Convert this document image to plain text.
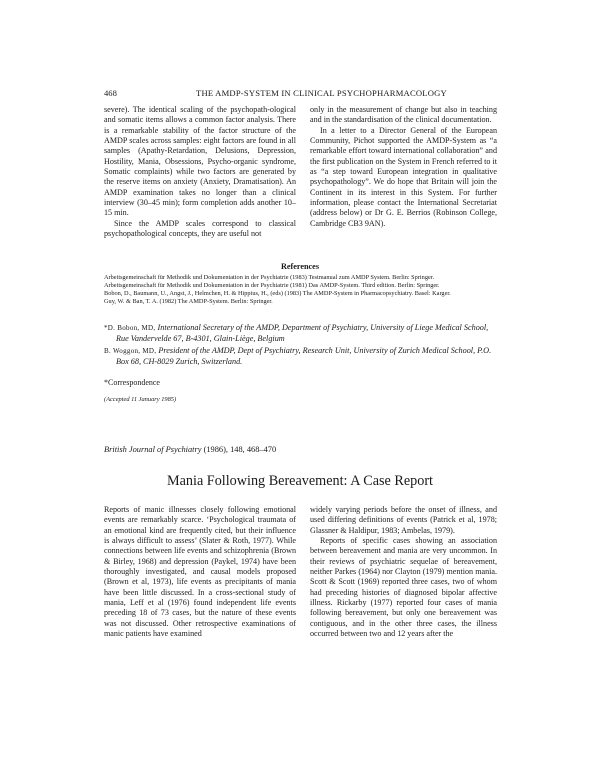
468	THE AMDP-SYSTEM IN CLINICAL PSYCHOPHARMACOLOGY

severe). The identical scaling of the psychopath-ological and somatic items allows a common factor analysis. There is a remarkable stability of the factor structure of the AMDP scales across samples: eight factors are found in all samples (Apathy-Retardation, Delusions, Depression, Hostility, Mania, Obsessions, Psycho-organic syndrome, Somatic complaints) while two factors are generated by the reserve items on anxiety (Anxiety, Dramatisation). An AMDP examination takes no longer than a clinical interview (30–45 min); form completion adds another 10–15 min.

Since the AMDP scales correspond to classical psychopathological concepts, they are useful not

only in the measurement of change but also in teaching and in the standardisation of the clinical documentation.

In a letter to a Director General of the European Community, Pichot supported the AMDP-System as “a remarkable effort toward international collaboration” and the first publication on the System in French referred to it as “a step toward European integration in qualitative psychopathology”. We do hope that Britain will join the Continent in its interest in this System. For further information, please contact the International Secretariat (address below) or Dr G. E. Berrios (Robinson College, Cambridge CB3 9AN).

References
Arbeitsgemeinschaft für Methodik und Dokumentation in der Psychiatrie (1983) Testmanual zum AMDP System. Berlin: Springer.
Arbeitsgemeinschaft für Methodik und Dokumentation in der Psychiatrie (1981) Das AMDP-System. Third edition. Berlin: Springer.
Bobon, D., Baumann, U., Angst, J., Helmchen, H. & Hippius, H., (eds) (1983) The AMDP-System in Pharmacopsychiatry. Basel: Karger.
Guy, W. & Ban, T. A. (1982) The AMDP-System. Berlin: Springer.
*D. Bobon, MD, International Secretary of the AMDP, Department of Psychiatry, University of Liege Medical School, Rue Vandervelde 67, B-4301, Glain-Liège, Belgium
B. Woggon, MD, President of the AMDP, Dept of Psychiatry, Research Unit, University of Zurich Medical School, P.O. Box 68, CH-8029 Zurich, Switzerland.
*Correspondence
(Accepted 11 January 1985)
British Journal of Psychiatry (1986), 148, 468–470
Mania Following Bereavement: A Case Report

Reports of manic illnesses closely following emotional events are remarkably scarce. ‘Psychological traumata of an emotional kind are frequently cited, but their influence is always difficult to assess’ (Slater & Roth, 1977). While connections between life events and schizophrenia (Brown & Birley, 1968) and depression (Paykel, 1974) have been thoroughly investigated, and causal models proposed (Brown et al, 1973), life events as precipitants of mania have been little discussed. In a cross-sectional study of mania, Leff et al (1976) found independent life events preceding 18 of 73 cases, but the nature of these events was not discussed. Other retrospective examinations of manic patients have examined

widely varying periods before the onset of illness, and used differing definitions of events (Patrick et al, 1978; Glassner & Haldipur, 1983; Ambelas, 1979).

Reports of specific cases showing an association between bereavement and mania are very uncommon. In their reviews of psychiatric sequelae of bereavement, neither Parkes (1964) nor Clayton (1979) mention mania. Scott & Scott (1969) reported three cases, two of whom had preceding histories of diagnosed bipolar affective illness. Rickarby (1977) reported four cases of mania following bereavement, but only one bereavement was contiguous, and in the other three cases, the illness occurred between two and 12 years after the
